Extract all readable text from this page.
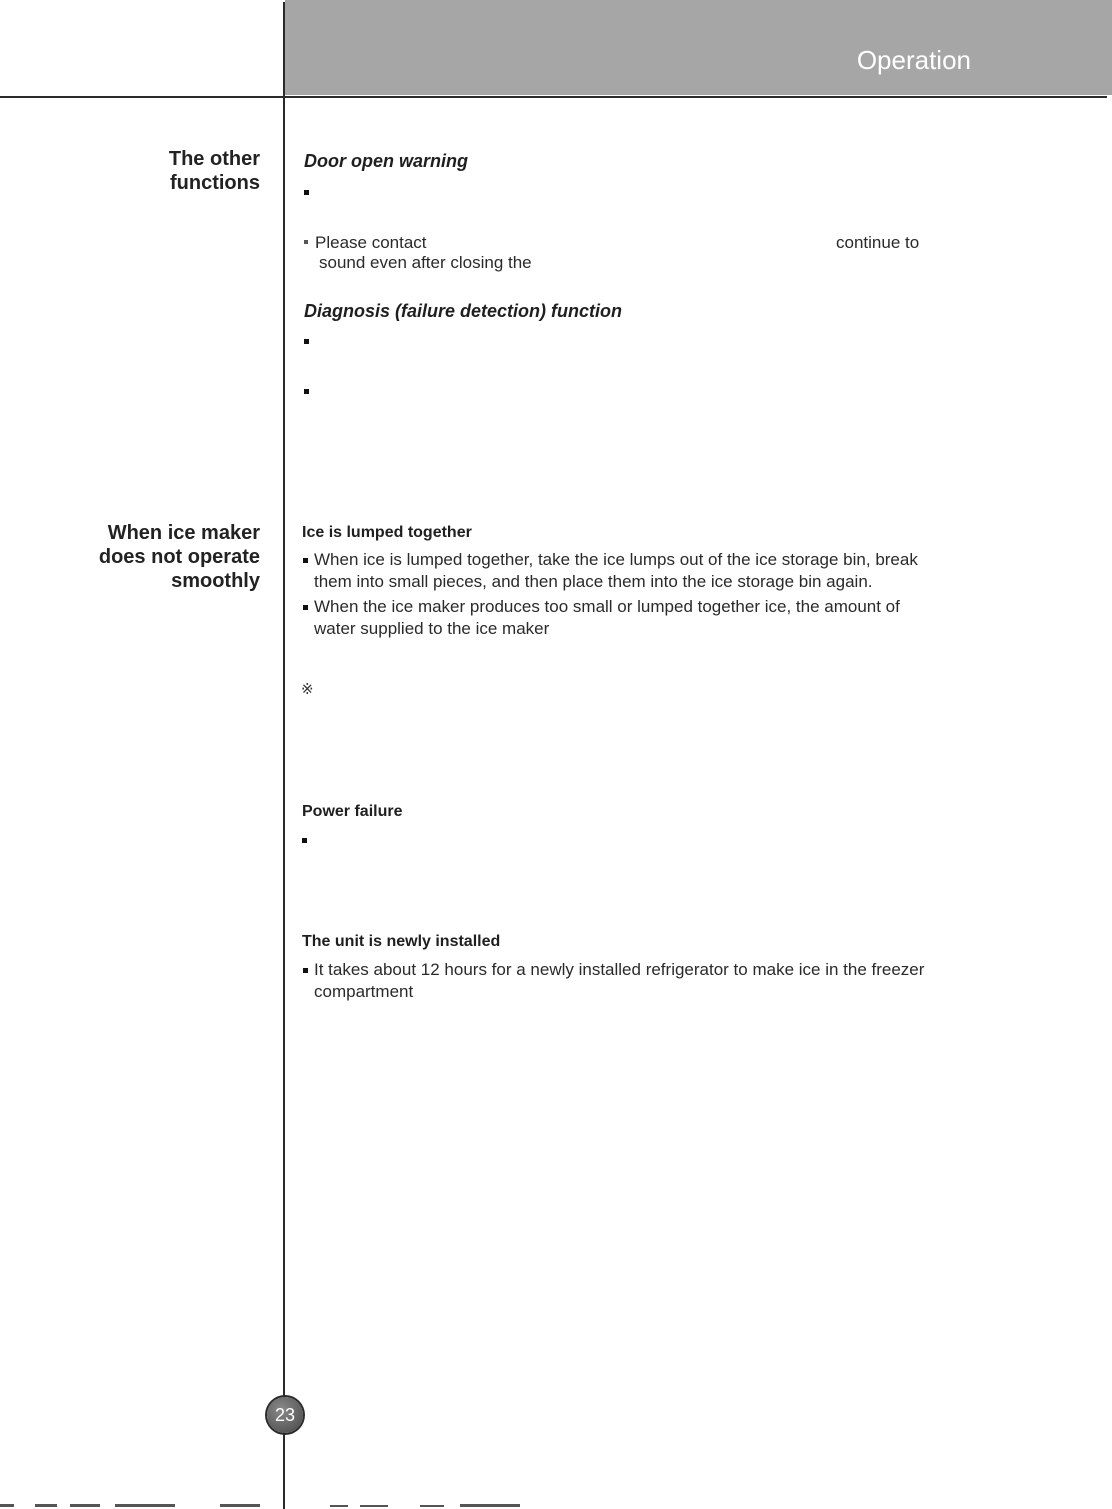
Operation
The other
functions
When ice maker
does not operate
smoothly
Door open warning
Please contact	continue to
sound even after closing the
Diagnosis (failure detection) function
Ice is lumped together
When ice is lumped together, take the ice lumps out of the ice storage bin, break
them into small pieces, and then place them into the ice storage bin again.
When the ice maker produces too small or lumped together ice, the amount of
water supplied to the ice maker
※
Power failure
The unit is newly installed
It takes about 12 hours for a newly installed refrigerator to make ice in the freezer
compartment
23
